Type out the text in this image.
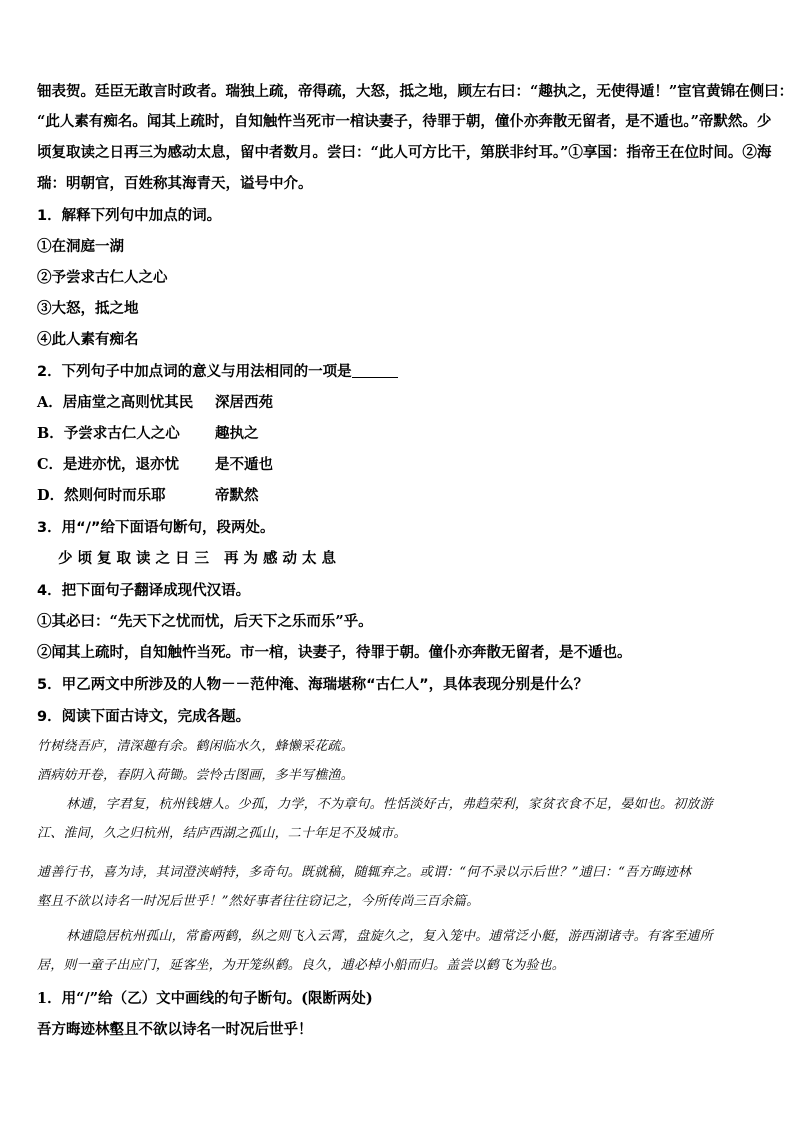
钿表贺。廷臣无敢言时政者。瑞独上疏，帝得疏，大怒，抵之地，顾左右曰：“趣执之，无使得遁！”宦官黄锦在侧曰：
“此人素有痴名。闻其上疏时，自知触忤当死市一棺诀妻子，待罪于朝，僮仆亦奔散无留者，是不遁也。”帝默然。少
顷复取读之日再三为感动太息，留中者数月。尝曰：“此人可方比干，第朕非纣耳。”①享国：指帝王在位时间。②海
瑞：明朝官，百姓称其海青天，谥号中介。
1．解释下列句中加点的词。
①在洞庭一湖
②予尝求古仁人之心
③大怒，抵之地
④此人素有痴名
2．下列句子中加点词的意义与用法相同的一项是
A．居庙堂之高则忧其民 深居西苑
B．予尝求古仁人之心 趣执之
C．是进亦忧，退亦忧 是不遁也
D．然则何时而乐耶	帝默然
3．用“/”给下面语句断句，段两处。
少顷复取读之日三 再为感动太息
4．把下面句子翻译成现代汉语。
①其必曰：“先天下之忧而忧，后天下之乐而乐”乎。
②闻其上疏时，自知触忤当死。市一棺，诀妻子，待罪于朝。僮仆亦奔散无留者，是不遁也。
5．甲乙两文中所涉及的人物－－范仲淹、海瑞堪称“古仁人”，具体表现分别是什么？
9．阅读下面古诗文，完成各题。
竹树绕吾庐，清深趣有余。鹤闲临水久，蜂懒采花疏。
酒病妨开卷，春阴入荷锄。尝怜古图画，多半写樵渔。
林逋，字君复，杭州钱塘人。少孤，力学，不为章句。性恬淡好古，弗趋荣利，家贫衣食不足，晏如也。初放游
江、淮间，久之归杭州，结庐西湖之孤山，二十年足不及城市。
逋善行书，喜为诗，其词澄浃峭特，多奇句。既就稿，随辄弃之。或谓：“何不录以示后世？”逋曰：“吾方晦迹林
壑且不欲以诗名一时况后世乎！”然好事者往往窃记之，今所传尚三百余篇。
林逋隐居杭州孤山，常畜两鹤，纵之则飞入云霄，盘旋久之，复入笼中。逋常泛小艇，游西湖诸寺。有客至逋所
居，则一童子出应门，延客坐，为开笼纵鹤。良久，逋必棹小船而归。盖尝以鹤飞为验也。
1．用“/”给（乙）文中画线的句子断句。(限断两处)
吾方晦迹林壑且不欲以诗名一时况后世乎！
